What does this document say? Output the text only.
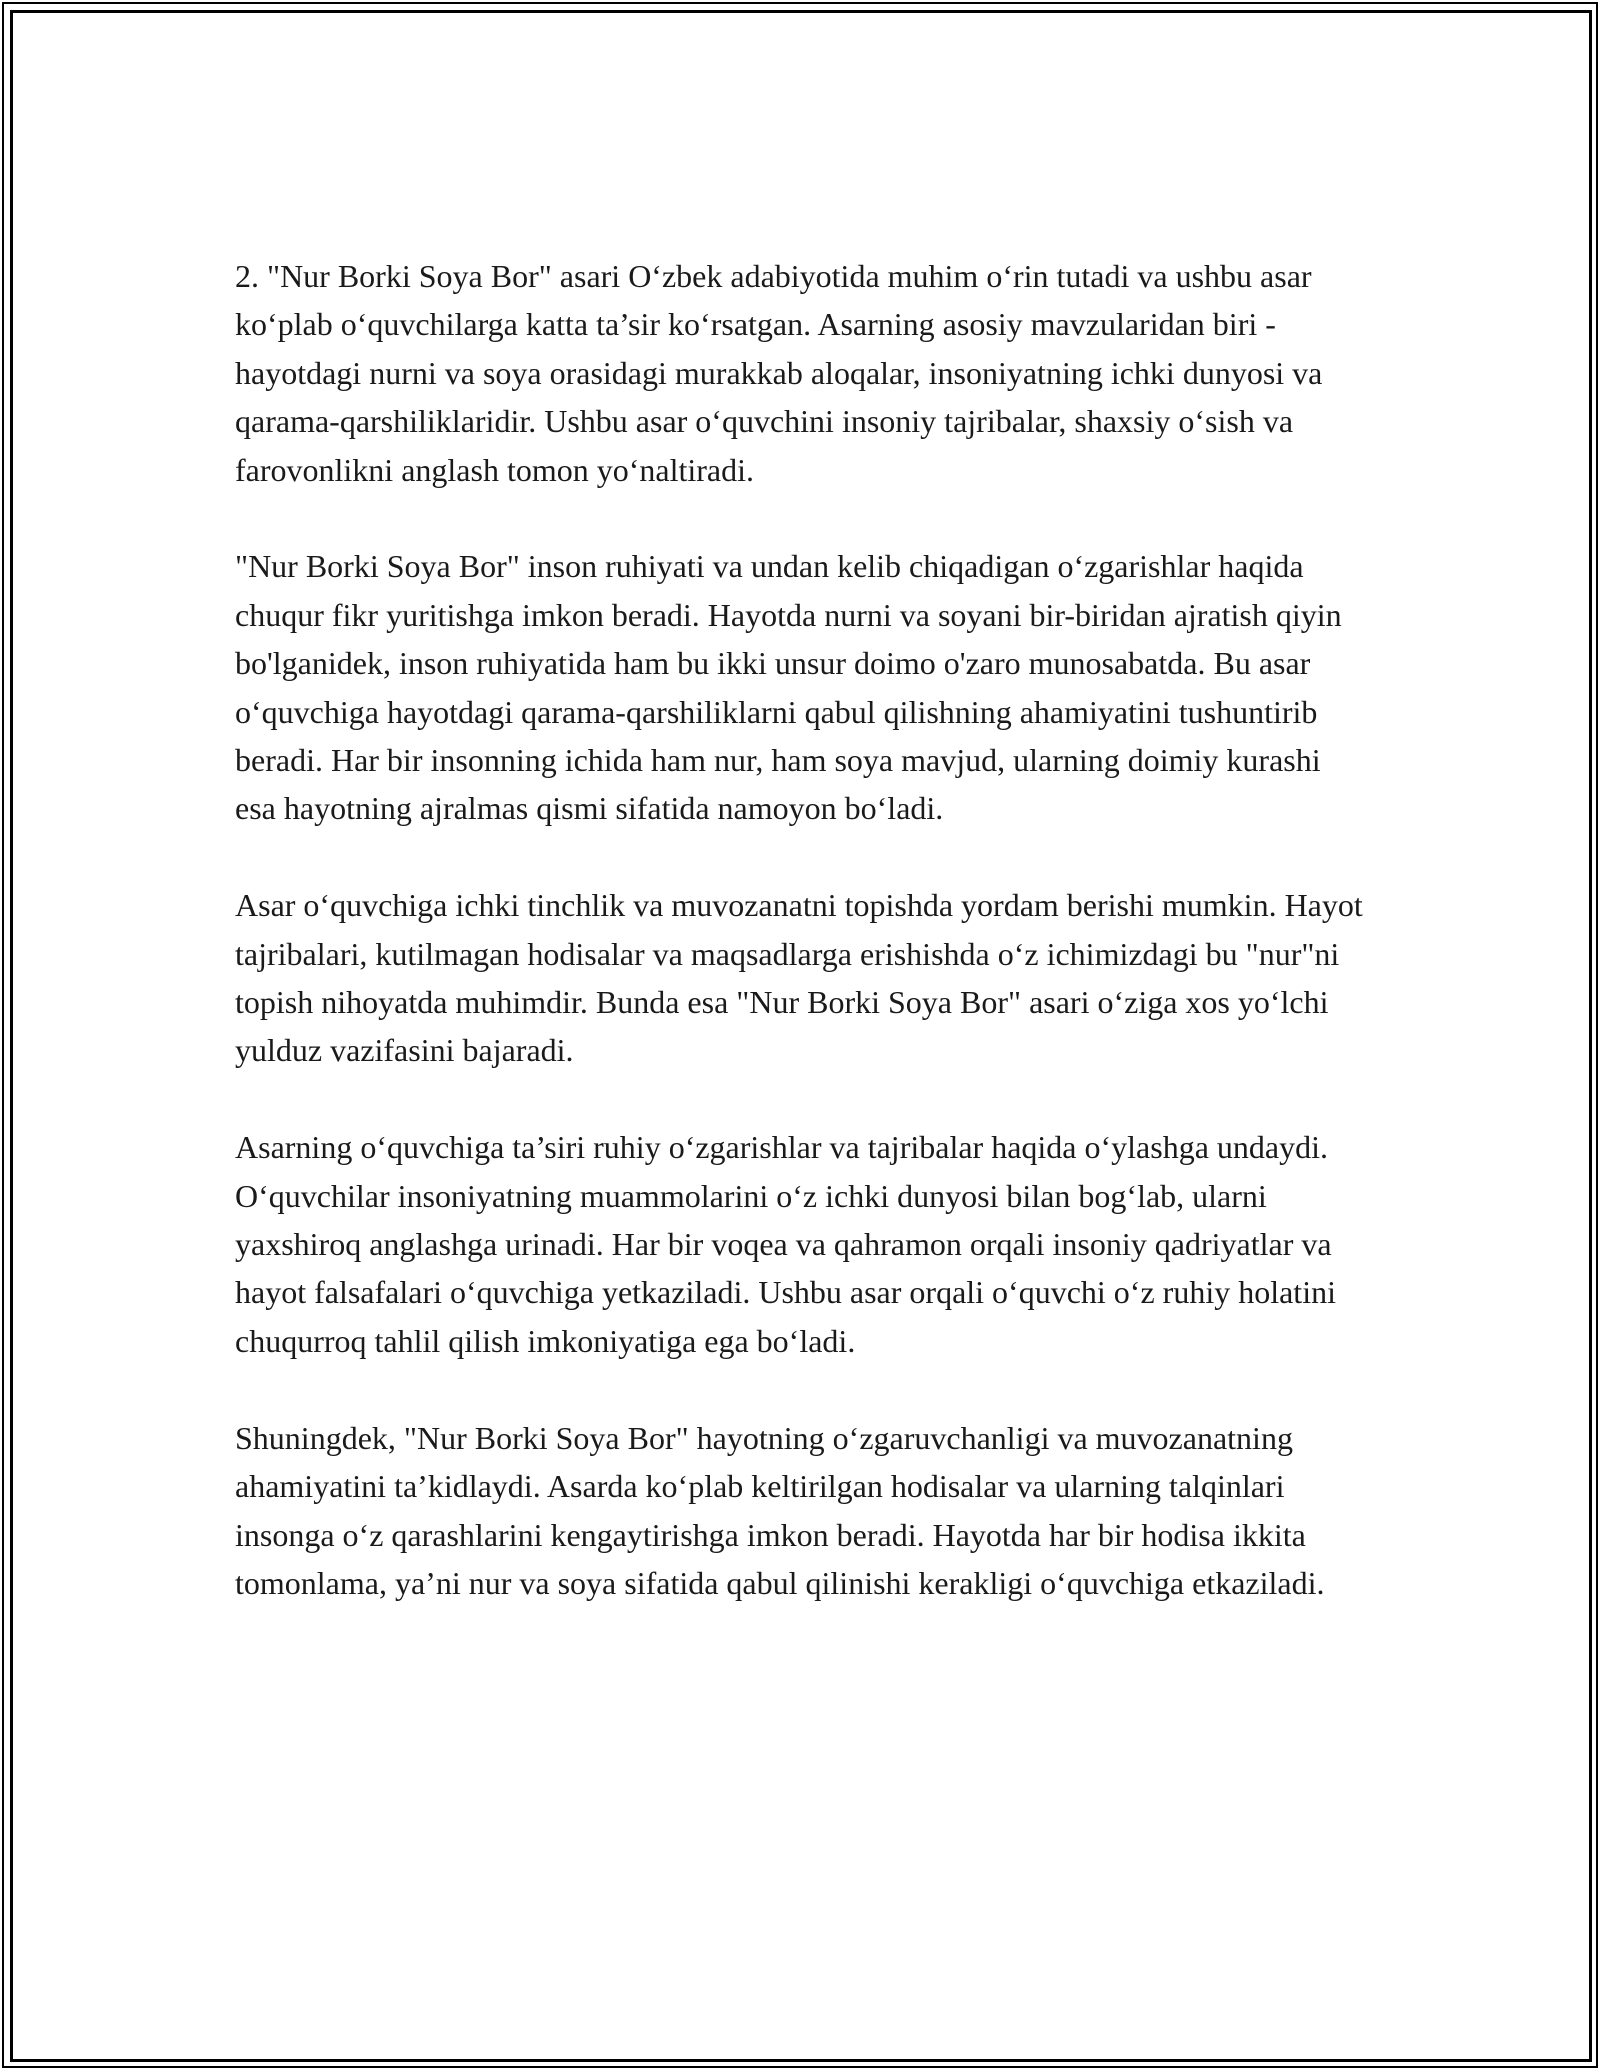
2. "Nur Borki Soya Bor" asari O‘zbek adabiyotida muhim o‘rin tutadi va ushbu asar ko‘plab o‘quvchilarga katta ta’sir ko‘rsatgan. Asarning asosiy mavzularidan biri - hayotdagi nurni va soya orasidagi murakkab aloqalar, insoniyatning ichki dunyosi va qarama-qarshiliklaridir. Ushbu asar o‘quvchini insoniy tajribalar, shaxsiy o‘sish va farovonlikni anglash tomon yo‘naltiradi.

"Nur Borki Soya Bor" inson ruhiyati va undan kelib chiqadigan o‘zgarishlar haqida chuqur fikr yuritishga imkon beradi. Hayotda nurni va soyani bir-biridan ajratish qiyin bo'lganidek, inson ruhiyatida ham bu ikki unsur doimo o'zaro munosabatda. Bu asar o‘quvchiga hayotdagi qarama-qarshiliklarni qabul qilishning ahamiyatini tushuntirib beradi. Har bir insonning ichida ham nur, ham soya mavjud, ularning doimiy kurashi esa hayotning ajralmas qismi sifatida namoyon bo‘ladi.

Asar o‘quvchiga ichki tinchlik va muvozanatni topishda yordam berishi mumkin. Hayot tajribalari, kutilmagan hodisalar va maqsadlarga erishishda o‘z ichimizdagi bu "nur"ni topish nihoyatda muhimdir. Bunda esa "Nur Borki Soya Bor" asari o‘ziga xos yo‘lchi yulduz vazifasini bajaradi.

Asarning o‘quvchiga ta’siri ruhiy o‘zgarishlar va tajribalar haqida o‘ylashga undaydi. O‘quvchilar insoniyatning muammolarini o‘z ichki dunyosi bilan bog‘lab, ularni yaxshiroq anglashga urinadi. Har bir voqea va qahramon orqali insoniy qadriyatlar va hayot falsafalari o‘quvchiga yetkaziladi. Ushbu asar orqali o‘quvchi o‘z ruhiy holatini chuqurroq tahlil qilish imkoniyatiga ega bo‘ladi.

Shuningdek, "Nur Borki Soya Bor" hayotning o‘zgaruvchanligi va muvozanatning ahamiyatini ta’kidlaydi. Asarda ko‘plab keltirilgan hodisalar va ularning talqinlari insonga o‘z qarashlarini kengaytirishga imkon beradi. Hayotda har bir hodisa ikkita tomonlama, ya’ni nur va soya sifatida qabul qilinishi kerakligi o‘quvchiga etkaziladi.
